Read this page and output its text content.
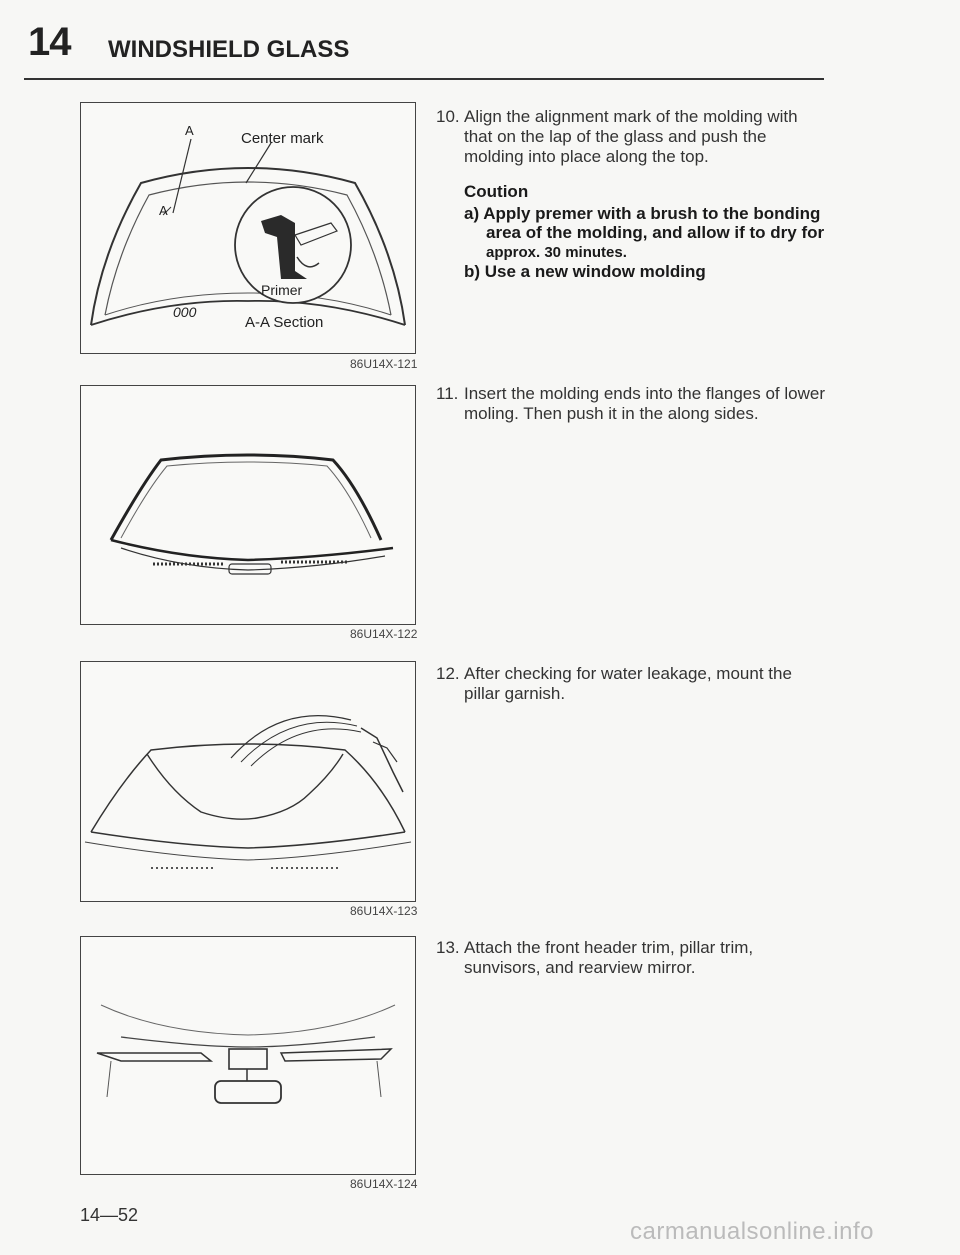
14 WINDSHIELD GLASS
A
A
Center mark
Primer
A-A Section
000
86U14X-121
86U14X-122
86U14X-123
86U14X-124
10. Align the alignment mark of the molding with that on the lap of the glass and push the molding into place along the top.
Coution
a) Apply premer with a brush to the bonding area of the molding, and allow if to dry for
approx. 30 minutes.
b) Use a new window molding
11. Insert the molding ends into the flanges of lower moling. Then push it in the along sides.
12. After checking for water leakage, mount the pillar garnish.
13. Attach the front header trim, pillar trim, sunvisors, and rearview mirror.
14—52
carmanualsonline.info
